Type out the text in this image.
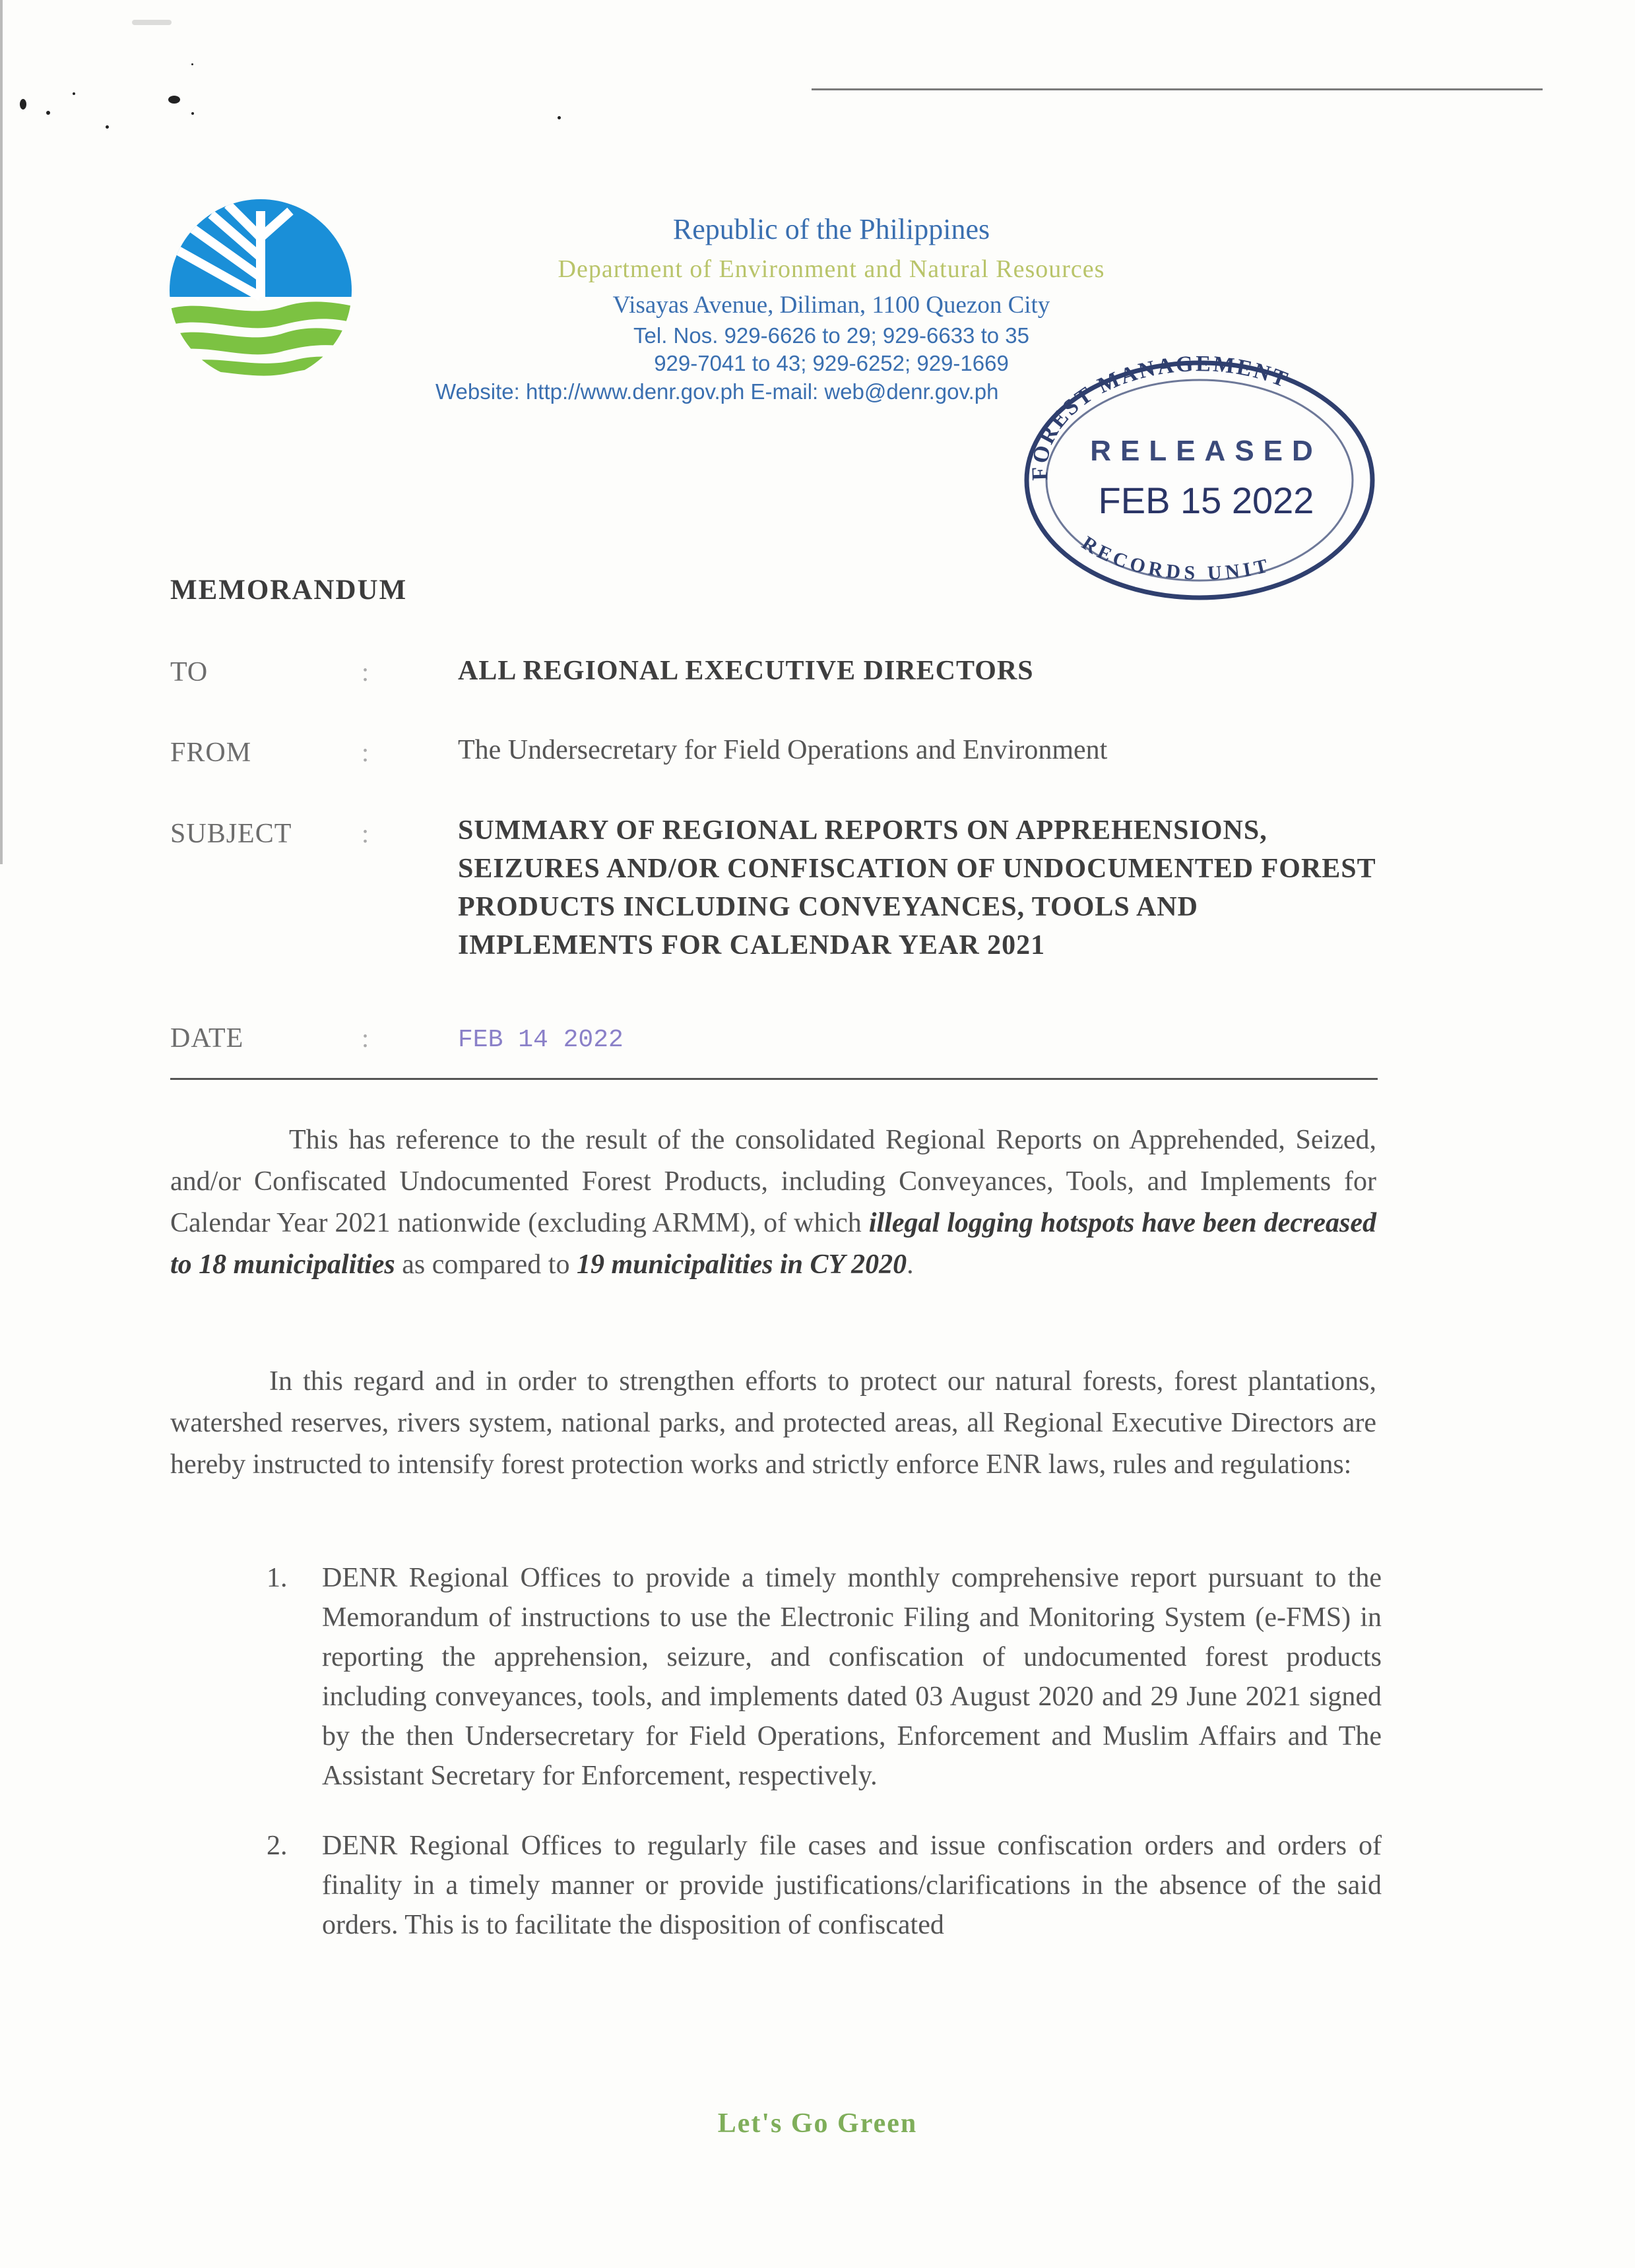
Republic of the Philippines
Department of Environment and Natural Resources
Visayas Avenue, Diliman, 1100 Quezon City
Tel. Nos. 929-6626 to 29; 929-6633 to 35
929-7041 to 43; 929-6252; 929-1669
Website: http://www.denr.gov.ph E-mail: web@denr.gov.ph
FOREST MANAGEMENT
RELEASED
FEB 15 2022
RECORDS UNIT
MEMORANDUM
TO	:	ALL REGIONAL EXECUTIVE DIRECTORS
FROM	:	The Undersecretary for Field Operations and Environment
SUBJECT	:	SUMMARY OF REGIONAL REPORTS ON APPREHENSIONS, SEIZURES AND/OR CONFISCATION OF UNDOCUMENTED FOREST PRODUCTS INCLUDING CONVEYANCES, TOOLS AND IMPLEMENTS FOR CALENDAR YEAR 2021
DATE	:	FEB 14 2022
This has reference to the result of the consolidated Regional Reports on Apprehended, Seized, and/or Confiscated Undocumented Forest Products, including Conveyances, Tools, and Implements for Calendar Year 2021 nationwide (excluding ARMM), of which illegal logging hotspots have been decreased to 18 municipalities as compared to 19 municipalities in CY 2020.
In this regard and in order to strengthen efforts to protect our natural forests, forest plantations, watershed reserves, rivers system, national parks, and protected areas, all Regional Executive Directors are hereby instructed to intensify forest protection works and strictly enforce ENR laws, rules and regulations:
1.	DENR Regional Offices to provide a timely monthly comprehensive report pursuant to the Memorandum of instructions to use the Electronic Filing and Monitoring System (e-FMS) in reporting the apprehension, seizure, and confiscation of undocumented forest products including conveyances, tools, and implements dated 03 August 2020 and 29 June 2021 signed by the then Undersecretary for Field Operations, Enforcement and Muslim Affairs and The Assistant Secretary for Enforcement, respectively.
2.	DENR Regional Offices to regularly file cases and issue confiscation orders and orders of finality in a timely manner or provide justifications/clarifications in the absence of the said orders. This is to facilitate the disposition of confiscated
Let's Go Green
